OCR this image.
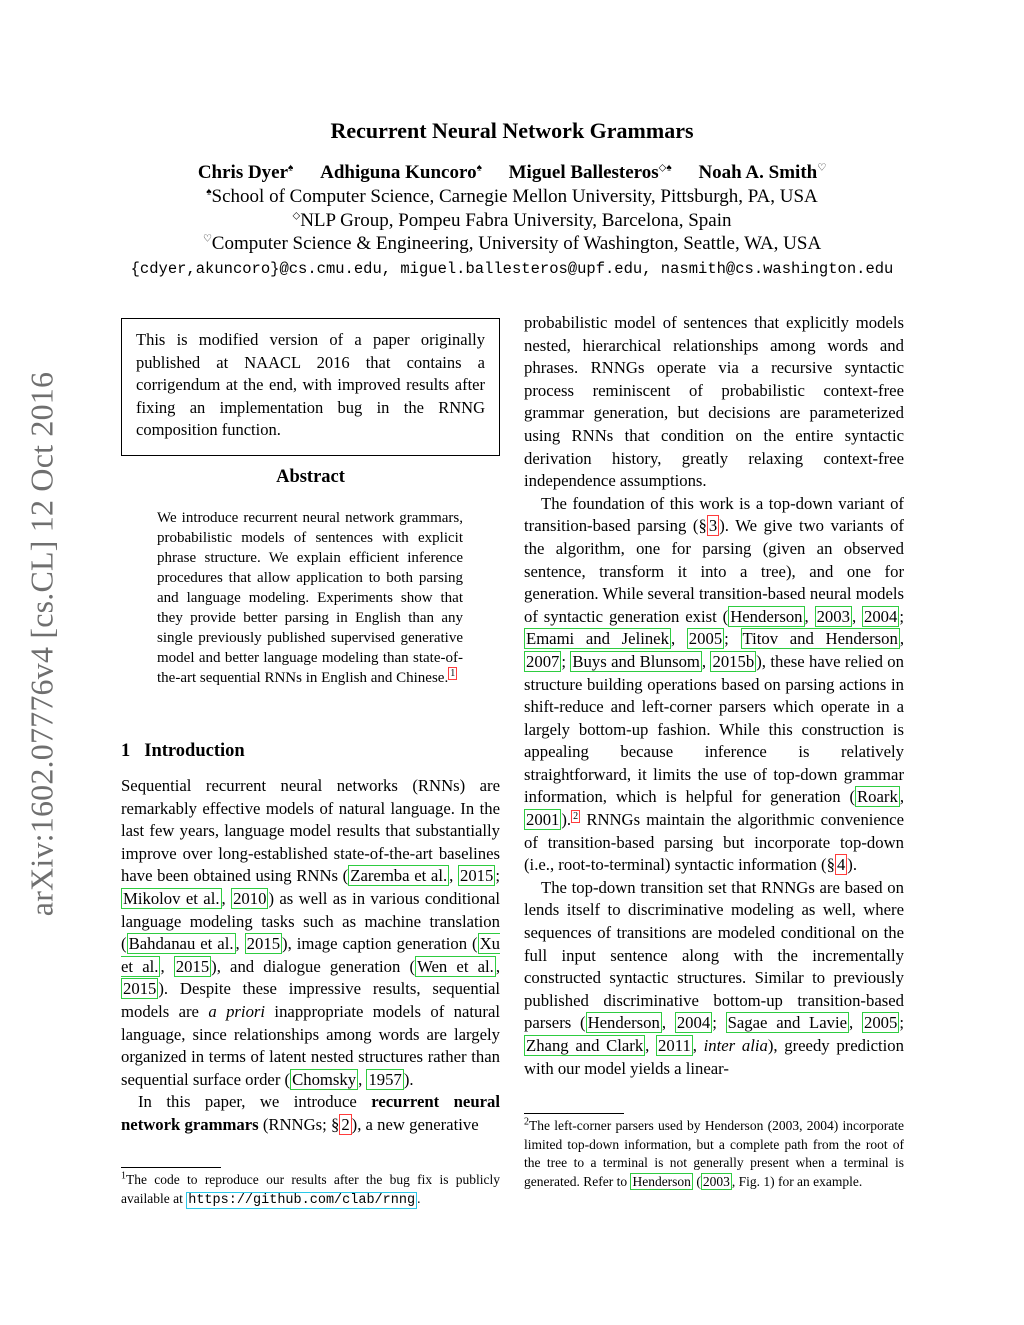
Recurrent Neural Network Grammars
Chris Dyer♠ Adhiguna Kuncoro♠ Miguel Ballesteros◇♠ Noah A. Smith♡
♠School of Computer Science, Carnegie Mellon University, Pittsburgh, PA, USA
◇NLP Group, Pompeu Fabra University, Barcelona, Spain
♡Computer Science & Engineering, University of Washington, Seattle, WA, USA
{cdyer,akuncoro}@cs.cmu.edu, miguel.ballesteros@upf.edu, nasmith@cs.washington.edu
arXiv:1602.07776v4 [cs.CL] 12 Oct 2016
This is modified version of a paper originally published at NAACL 2016 that contains a corrigendum at the end, with improved results after fixing an implementation bug in the RNNG composition function.
Abstract
We introduce recurrent neural network grammars, probabilistic models of sentences with explicit phrase structure. We explain efficient inference procedures that allow application to both parsing and language modeling. Experiments show that they provide better parsing in English than any single previously published supervised generative model and better language modeling than state-of-the-art sequential RNNs in English and Chinese. $^1$
1 Introduction

Sequential recurrent neural networks (RNNs) are remarkably effective models of natural language. In the last few years, language model results that substantially improve over long-established state-of-the-art baselines have been obtained using RNNs ( Zaremba et al. , 2015 ; Mikolov et al. , 2010 ) as well as in various conditional language modeling tasks such as machine translation ( Bahdanau et al. , 2015 ), image caption generation ( Xu et al. , 2015 ), and dialogue generation ( Wen et al. , 2015 ). Despite these impressive results, sequential models are a priori inappropriate models of natural language, since relationships among words are largely organized in terms of latent nested structures rather than sequential surface order ( Chomsky , 1957 ).

In this paper, we introduce recurrent neural network grammars (RNNGs; § 2 ), a new generative

probabilistic model of sentences that explicitly models nested, hierarchical relationships among words and phrases. RNNGs operate via a recursive syntactic process reminiscent of probabilistic context-free grammar generation, but decisions are parameterized using RNNs that condition on the entire syntactic derivation history, greatly relaxing context-free independence assumptions.

The foundation of this work is a top-down variant of transition-based parsing (§ 3 ). We give two variants of the algorithm, one for parsing (given an observed sentence, transform it into a tree), and one for generation. While several transition-based neural models of syntactic generation exist ( Henderson , 2003 , 2004 ; Emami and Jelinek , 2005 ; Titov and Henderson , 2007 ; Buys and Blunsom , 2015b ), these have relied on structure building operations based on parsing actions in shift-reduce and left-corner parsers which operate in a largely bottom-up fashion. While this construction is appealing because inference is relatively straightforward, it limits the use of top-down grammar information, which is helpful for generation ( Roark , 2001 ). $^2$ RNNGs maintain the algorithmic convenience of transition-based parsing but incorporate top-down (i.e., root-to-terminal) syntactic information (§ 4 ).

The top-down transition set that RNNGs are based on lends itself to discriminative modeling as well, where sequences of transitions are modeled conditional on the full input sentence along with the incrementally constructed syntactic structures. Similar to previously published discriminative bottom-up transition-based parsers ( Henderson , 2004 ; Sagae and Lavie , 2005 ; Zhang and Clark , 2011 , inter alia), greedy prediction with our model yields a linear-

$^1$The code to reproduce our results after the bug fix is publicly available at https://github.com/clab/rnng .
$^2$The left-corner parsers used by Henderson (2003, 2004) incorporate limited top-down information, but a complete path from the root of the tree to a terminal is not generally present when a terminal is generated. Refer to Henderson ( 2003 , Fig. 1) for an example.
